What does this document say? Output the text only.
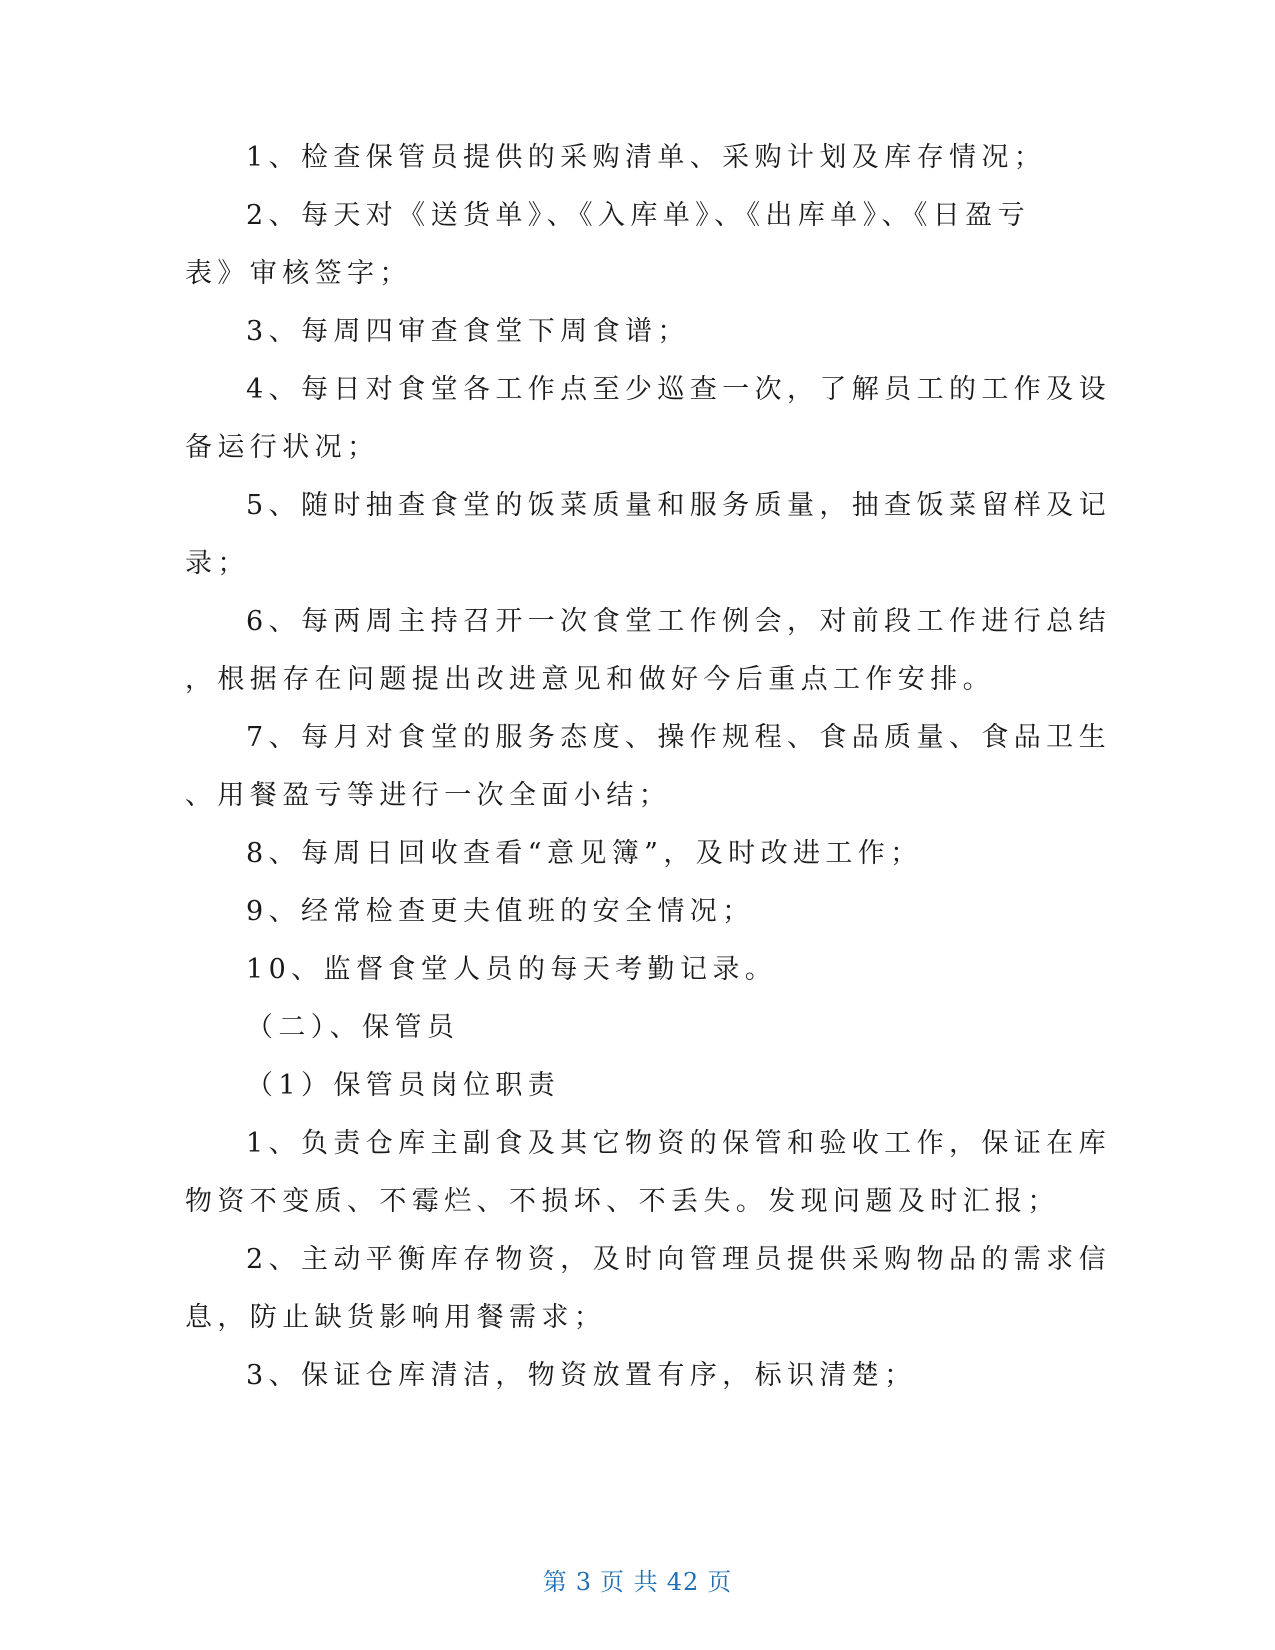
1、检查保管员提供的采购清单、采购计划及库存情况；
2、每天对《送货单》、《入库单》、《出库单》、《日盈亏
表》审核签字；
3、每周四审查食堂下周食谱；
4、每日对食堂各工作点至少巡查一次，了解员工的工作及设
备运行状况；
5、随时抽查食堂的饭菜质量和服务质量，抽查饭菜留样及记
录；
6、每两周主持召开一次食堂工作例会，对前段工作进行总结
，根据存在问题提出改进意见和做好今后重点工作安排。
7、每月对食堂的服务态度、操作规程、食品质量、食品卫生
、用餐盈亏等进行一次全面小结；
8、每周日回收查看“意见簿”，及时改进工作；
9、经常检查更夫值班的安全情况；
10、监督食堂人员的每天考勤记录。
（二）、保管员
（1）保管员岗位职责
1、负责仓库主副食及其它物资的保管和验收工作，保证在库
物资不变质、不霉烂、不损坏、不丢失。发现问题及时汇报；
2、主动平衡库存物资，及时向管理员提供采购物品的需求信
息，防止缺货影响用餐需求；
3、保证仓库清洁，物资放置有序，标识清楚；
第 3 页 共 42 页
